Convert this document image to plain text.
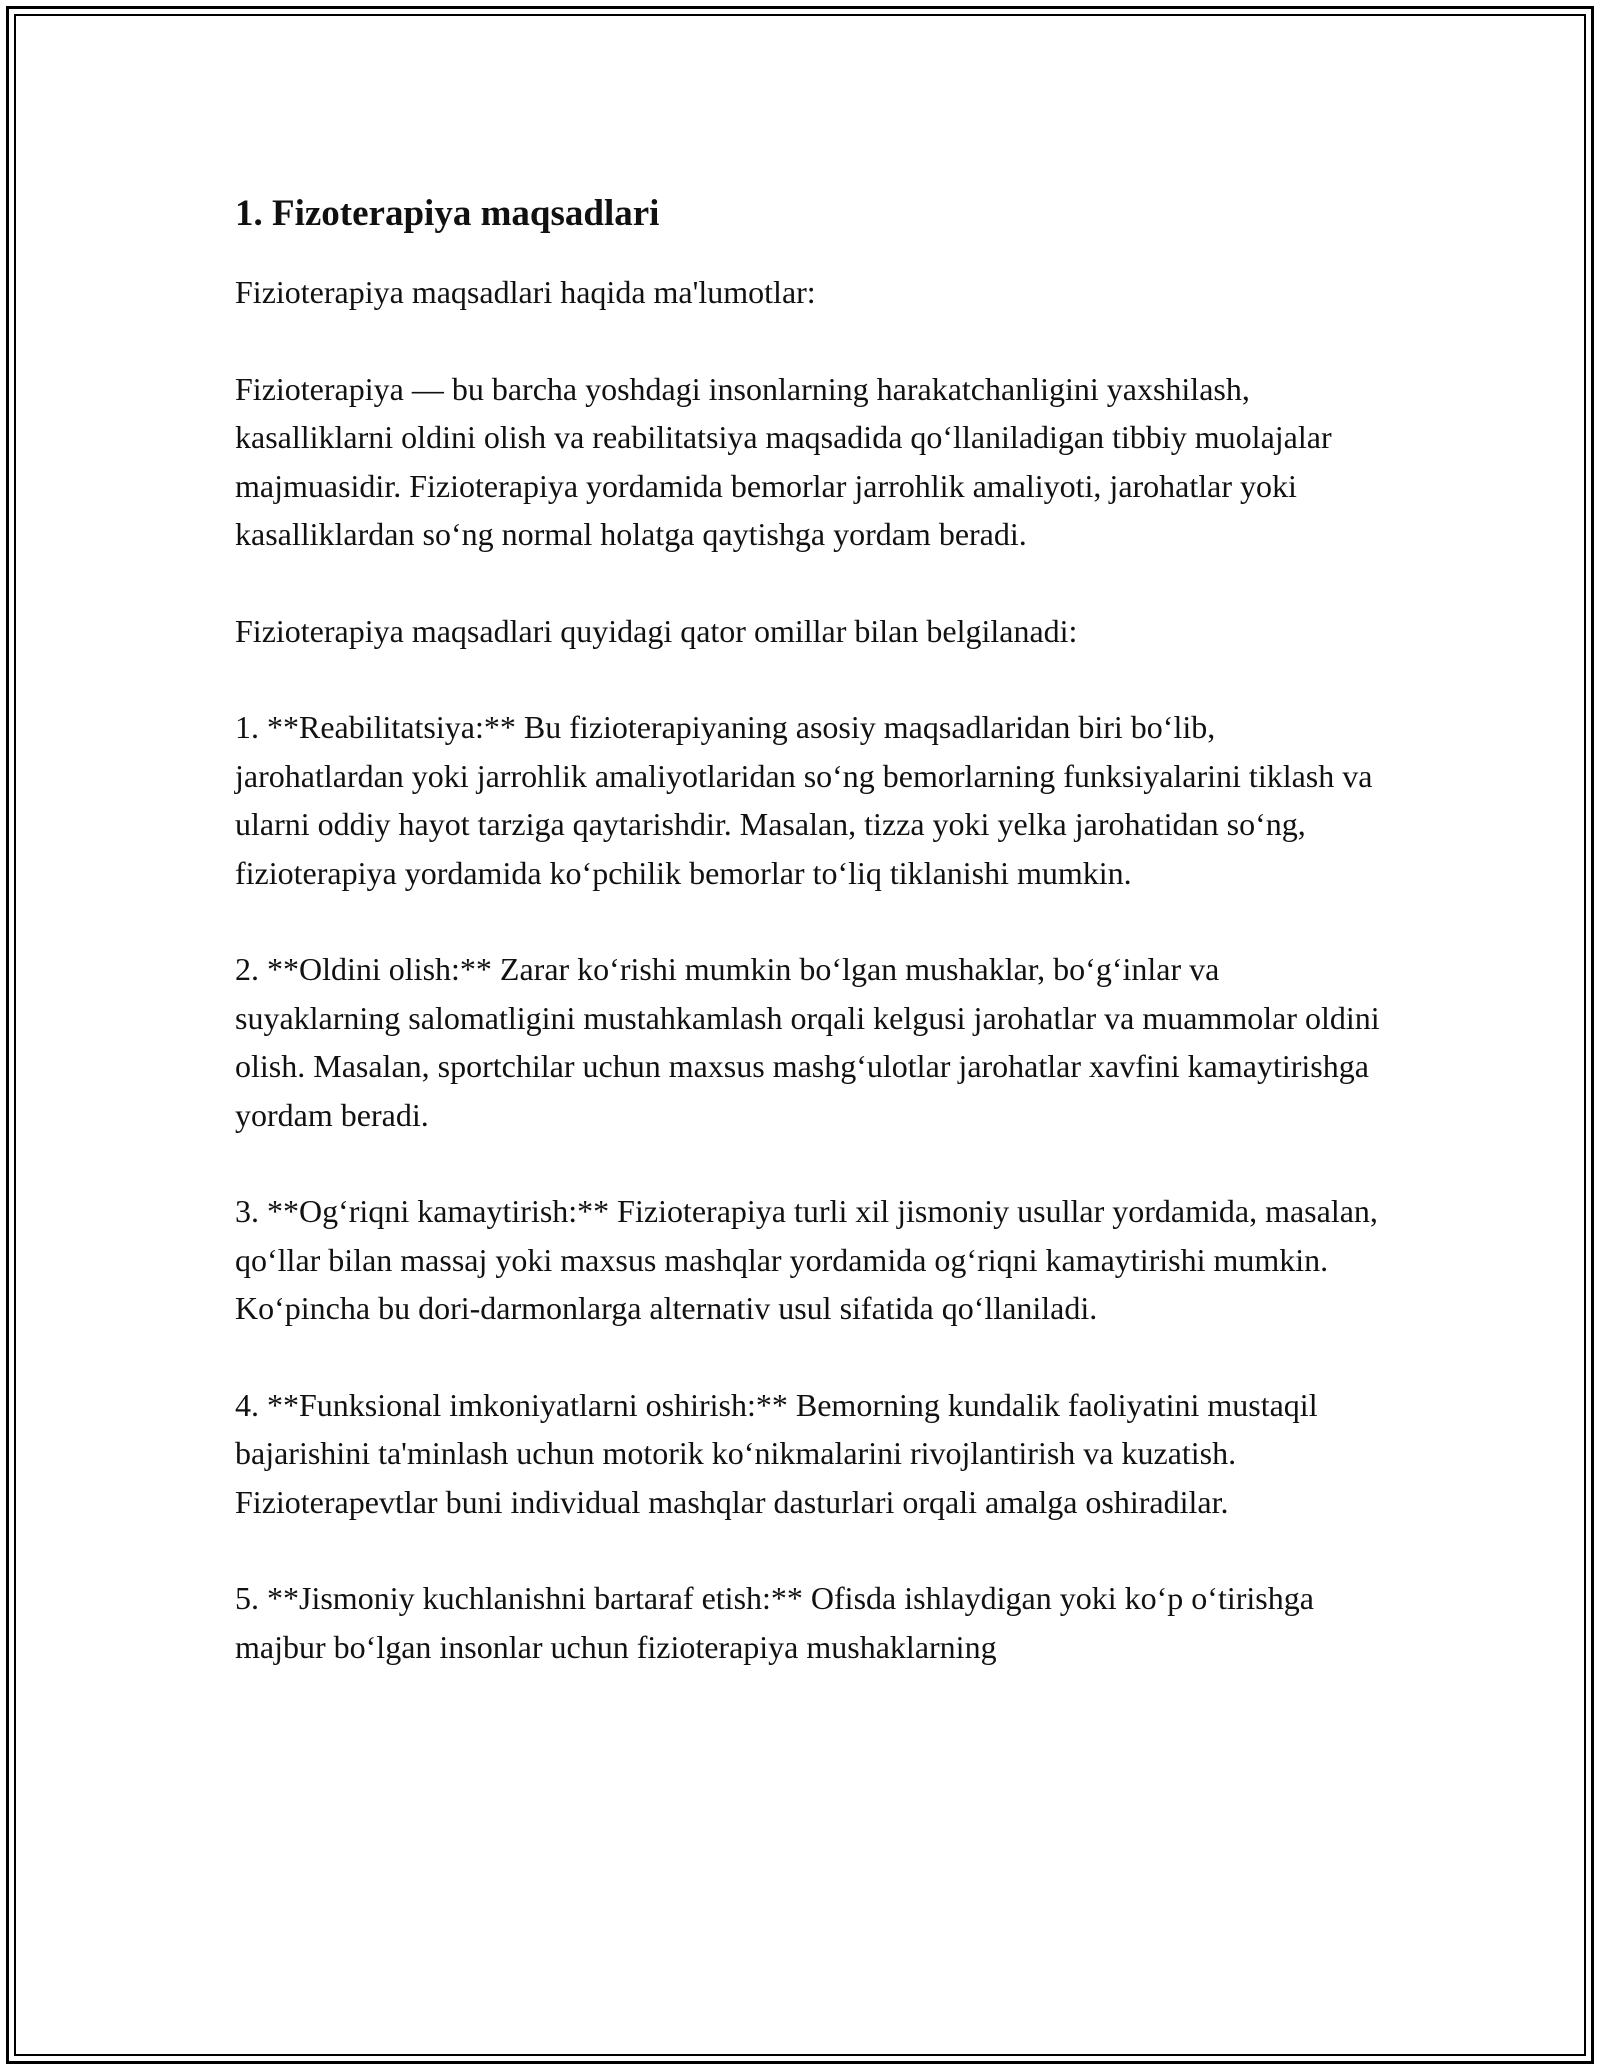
1. Fizoterapiya maqsadlari

Fizioterapiya maqsadlari haqida ma'lumotlar:

Fizioterapiya — bu barcha yoshdagi insonlarning harakatchanligini yaxshilash, kasalliklarni oldini olish va reabilitatsiya maqsadida qo‘llaniladigan tibbiy muolajalar majmuasidir. Fizioterapiya yordamida bemorlar jarrohlik amaliyoti, jarohatlar yoki kasalliklardan so‘ng normal holatga qaytishga yordam beradi.

Fizioterapiya maqsadlari quyidagi qator omillar bilan belgilanadi:

1. **Reabilitatsiya:** Bu fizioterapiyaning asosiy maqsadlaridan biri bo‘lib, jarohatlardan yoki jarrohlik amaliyotlaridan so‘ng bemorlarning funksiyalarini tiklash va ularni oddiy hayot tarziga qaytarishdir. Masalan, tizza yoki yelka jarohatidan so‘ng, fizioterapiya yordamida ko‘pchilik bemorlar to‘liq tiklanishi mumkin.

2. **Oldini olish:** Zarar ko‘rishi mumkin bo‘lgan mushaklar, bo‘g‘inlar va suyaklarning salomatligini mustahkamlash orqali kelgusi jarohatlar va muammolar oldini olish. Masalan, sportchilar uchun maxsus mashg‘ulotlar jarohatlar xavfini kamaytirishga yordam beradi.

3. **Og‘riqni kamaytirish:** Fizioterapiya turli xil jismoniy usullar yordamida, masalan, qo‘llar bilan massaj yoki maxsus mashqlar yordamida og‘riqni kamaytirishi mumkin. Ko‘pincha bu dori-darmonlarga alternativ usul sifatida qo‘llaniladi.

4. **Funksional imkoniyatlarni oshirish:** Bemorning kundalik faoliyatini mustaqil bajarishini ta'minlash uchun motorik ko‘nikmalarini rivojlantirish va kuzatish. Fizioterapevtlar buni individual mashqlar dasturlari orqali amalga oshiradilar.

5. **Jismoniy kuchlanishni bartaraf etish:** Ofisda ishlaydigan yoki ko‘p o‘tirishga majbur bo‘lgan insonlar uchun fizioterapiya mushaklarning
